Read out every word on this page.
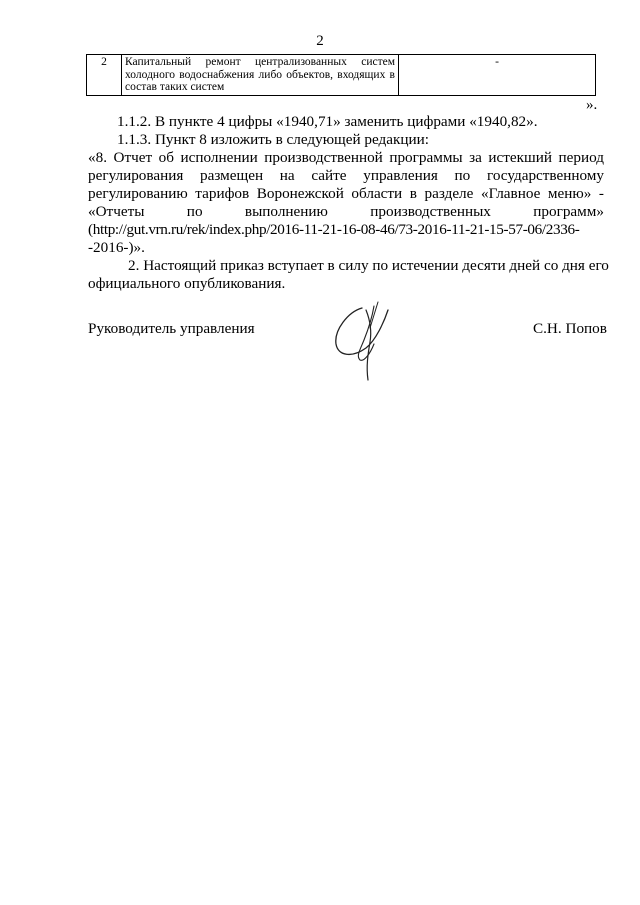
2
2	Капитальный ремонт централизованных систем холодного водоснабжения либо объектов, входящих в состав таких систем	-
».
1.1.2. В пункте 4 цифры «1940,71» заменить цифрами «1940,82».
1.1.3. Пункт 8 изложить в следующей редакции:
«8. Отчет об исполнении производственной программы за истекший период
регулирования размещен на сайте управления по государственному
регулированию тарифов Воронежской области в разделе «Главное меню» -
«Отчеты по выполнению производственных программ»
(http://gut.vrn.ru/rek/index.php/2016-11-21-16-08-46/73-2016-11-21-15-57-06/2336-
-2016-)».
2. Настоящий приказ вступает в силу по истечении десяти дней со дня его
официального опубликования.
Руководитель управления	С.Н. Попов
